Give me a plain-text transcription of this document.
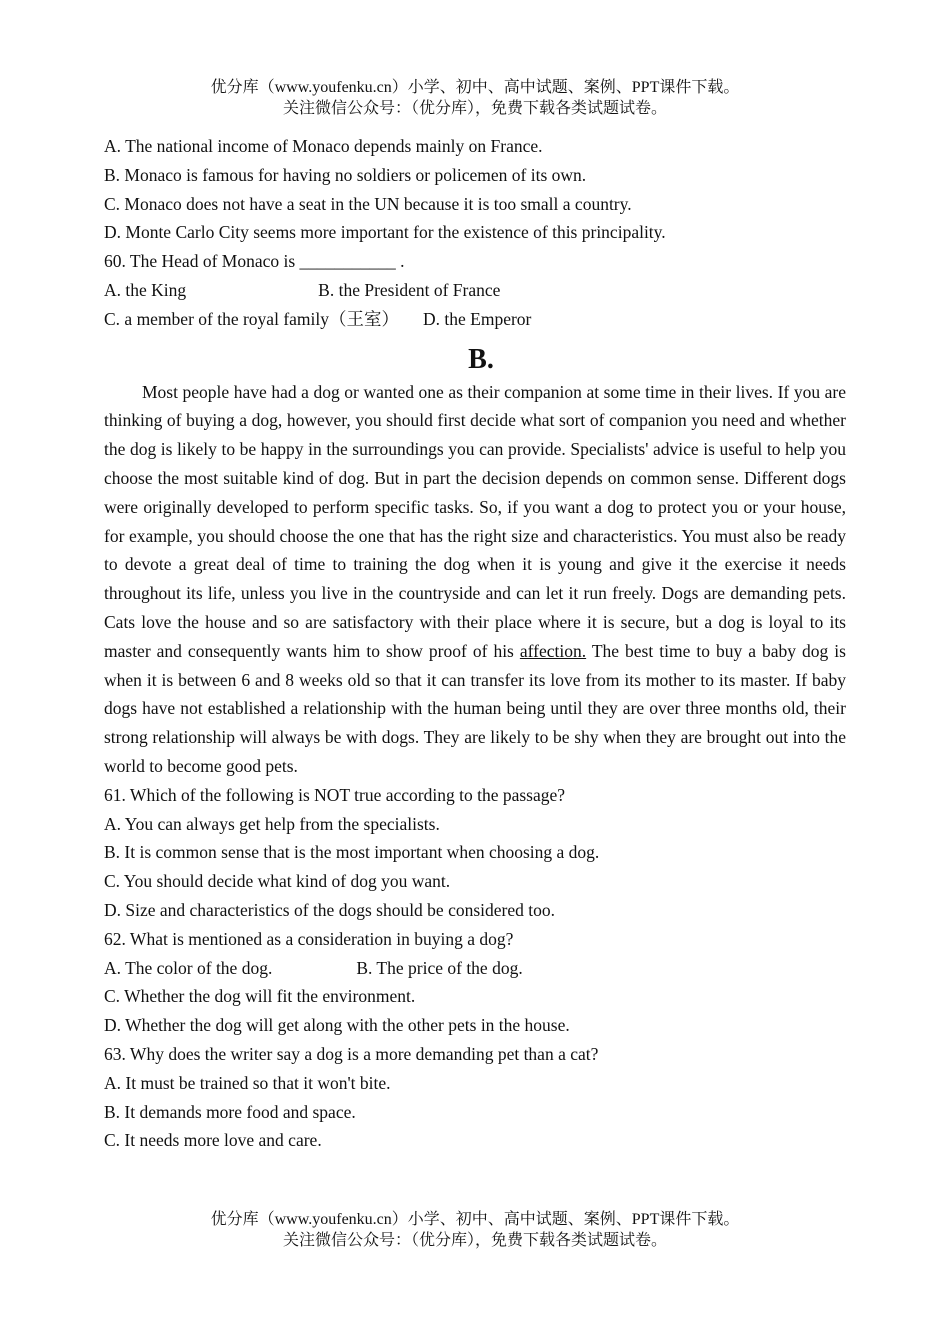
优分库（www.youfenku.cn）小学、初中、高中试题、案例、PPT课件下载。
关注微信公众号：（优分库），免费下载各类试题试卷。
A. The national income of Monaco depends mainly on France.
B. Monaco is famous for having no soldiers or policemen of its own.
C. Monaco does not have a seat in the UN because it is too small a country.
D. Monte Carlo City seems more important for the existence of this principality.
60. The Head of Monaco is ___________ .
A. the King	B. the President of France
C. a member of the royal family（王室） D. the Emperor
B.
Most people have had a dog or wanted one as their companion at some time in their lives. If you are thinking of buying a dog, however, you should first decide what sort of companion you need and whether the dog is likely to be happy in the surroundings you can provide. Specialists' advice is useful to help you choose the most suitable kind of dog. But in part the decision depends on common sense. Different dogs were originally developed to perform specific tasks. So, if you want a dog to protect you or your house, for example, you should choose the one that has the right size and characteristics. You must also be ready to devote a great deal of time to training the dog when it is young and give it the exercise it needs throughout its life, unless you live in the countryside and can let it run freely. Dogs are demanding pets. Cats love the house and so are satisfactory with their place where it is secure, but a dog is loyal to its master and consequently wants him to show proof of his affection. The best time to buy a baby dog is when it is between 6 and 8 weeks old so that it can transfer its love from its mother to its master. If baby dogs have not established a relationship with the human being until they are over three months old, their strong relationship will always be with dogs. They are likely to be shy when they are brought out into the world to become good pets.
61. Which of the following is NOT true according to the passage?
A. You can always get help from the specialists.
B. It is common sense that is the most important when choosing a dog.
C. You should decide what kind of dog you want.
D. Size and characteristics of the dogs should be considered too.
62. What is mentioned as a consideration in buying a dog?
A. The color of the dog.	B. The price of the dog.
C. Whether the dog will fit the environment.
D. Whether the dog will get along with the other pets in the house.
63. Why does the writer say a dog is a more demanding pet than a cat?
A. It must be trained so that it won't bite.
B. It demands more food and space.
C. It needs more love and care.
优分库（www.youfenku.cn）小学、初中、高中试题、案例、PPT课件下载。
关注微信公众号：（优分库），免费下载各类试题试卷。
